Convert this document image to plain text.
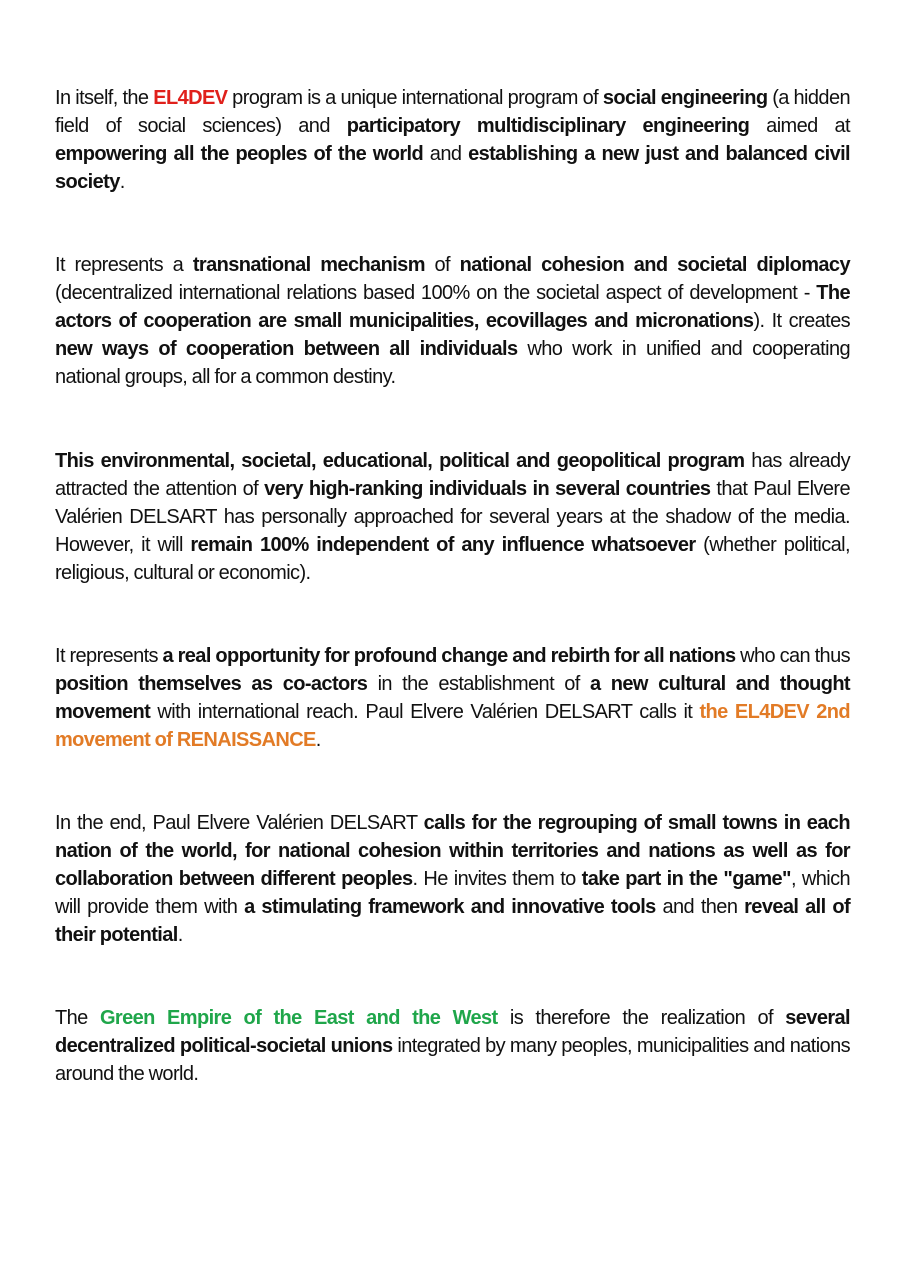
In itself, the EL4DEV program is a unique international program of social engineering (a hidden field of social sciences) and participatory multidisciplinary engineering aimed at empowering all the peoples of the world and establishing a new just and balanced civil society.

It represents a transnational mechanism of national cohesion and societal diplomacy (decentralized international relations based 100% on the societal aspect of development - The actors of cooperation are small municipalities, ecovillages and micronations). It creates new ways of cooperation between all individuals who work in unified and cooperating national groups, all for a common destiny.

This environmental, societal, educational, political and geopolitical program has already attracted the attention of very high-ranking individuals in several countries that Paul Elvere Valérien DELSART has personally approached for several years at the shadow of the media. However, it will remain 100% independent of any influence whatsoever (whether political, religious, cultural or economic).

It represents a real opportunity for profound change and rebirth for all nations who can thus position themselves as co-actors in the establishment of a new cultural and thought movement with international reach. Paul Elvere Valérien DELSART calls it the EL4DEV 2nd movement of RENAISSANCE.

In the end, Paul Elvere Valérien DELSART calls for the regrouping of small towns in each nation of the world, for national cohesion within territories and nations as well as for collaboration between different peoples. He invites them to take part in the "game", which will provide them with a stimulating framework and innovative tools and then reveal all of their potential.

The Green Empire of the East and the West is therefore the realization of several decentralized political-societal unions integrated by many peoples, municipalities and nations around the world.
